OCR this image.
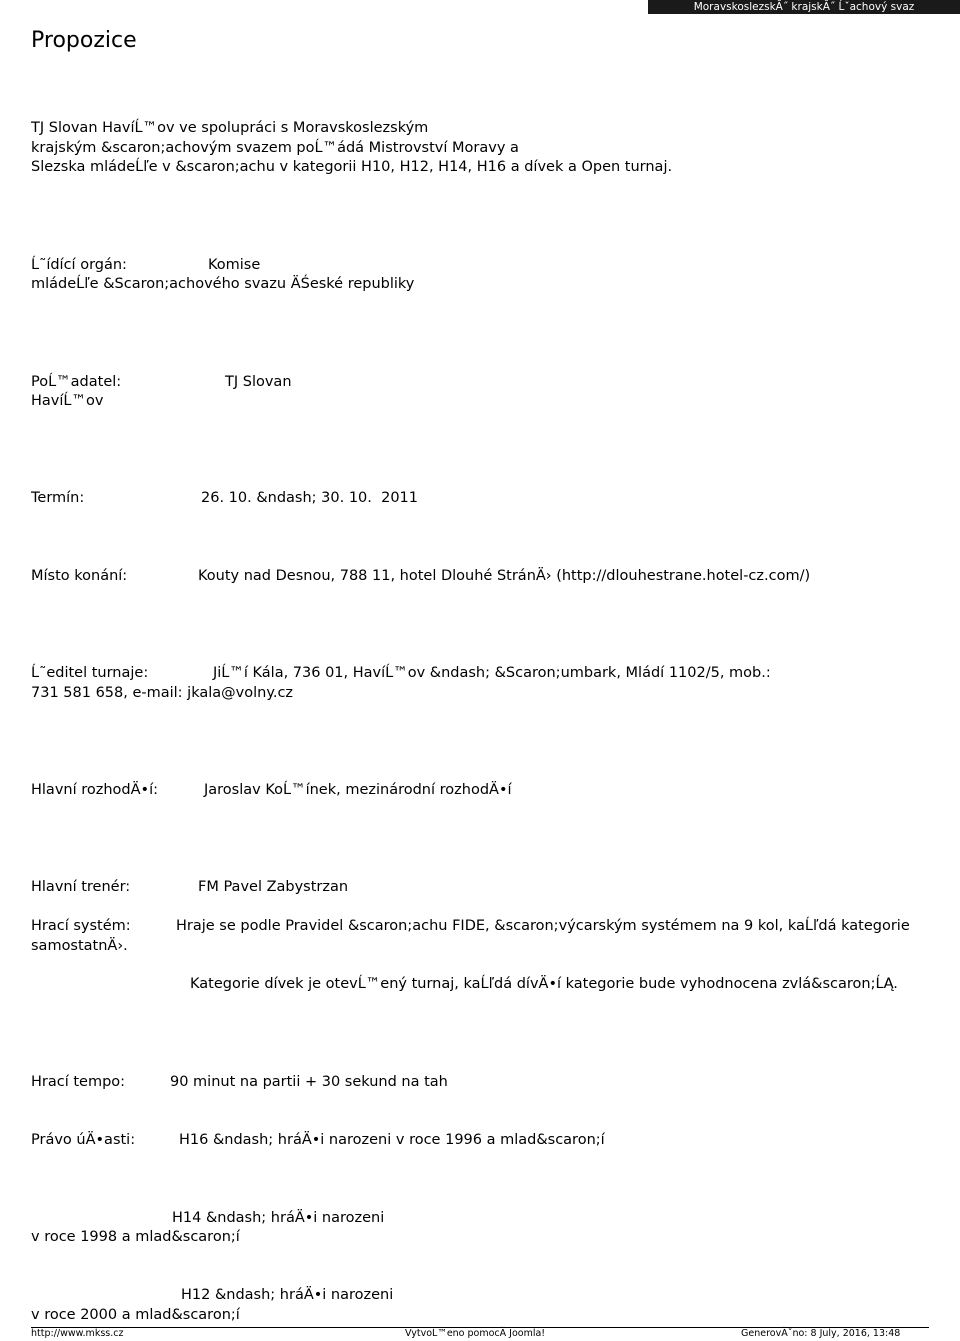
MoravskoslezskĂ˝ krajskĂ˝ Ĺˇachový svaz
Propozice
TJ Slovan HavíĹ™ov ve spolupráci s Moravskoslezským
krajským &scaron;achovým svazem poĹ™ádá Mistrovství Moravy a
Slezska mládeĹľe v &scaron;achu v kategorii H10, H12, H14, H16 a dívek a Open turnaj.
Ĺ˜ídící orgán:	Komise
mládeĹľe &Scaron;achového svazu ÄŚeské republiky
PoĹ™adatel:	TJ Slovan
HavíĹ™ov
Termín:	26. 10. &ndash; 30. 10.  2011
Místo konání:	Kouty nad Desnou, 788 11, hotel Dlouhé StránÄ› (http://dlouhestrane.hotel-cz.com/)
Ĺ˜editel turnaje:	JiĹ™í Kála, 736 01, HavíĹ™ov &ndash; &Scaron;umbark, Mládí 1102/5, mob.:
731 581 658, e-mail: jkala@volny.cz
Hlavní rozhodÄ•í:	Jaroslav KoĹ™ínek, mezinárodní rozhodÄ•í
Hlavní trenér:	FM Pavel Zabystrzan
Hrací systém:	Hraje se podle Pravidel &scaron;achu FIDE, &scaron;výcarským systémem na 9 kol, kaĹľdá kategorie
samostatnÄ›.
Kategorie dívek je otevĹ™ený turnaj, kaĹľdá dívÄ•í kategorie bude vyhodnocena zvlá&scaron;ĹĄ.
Hrací tempo:	90 minut na partii + 30 sekund na tah
Právo úÄ•asti:	H16 &ndash; hráÄ•i narozeni v roce 1996 a mlad&scaron;í
H14 &ndash; hráÄ•i narozeni
v roce 1998 a mlad&scaron;í
H12 &ndash; hráÄ•i narozeni
v roce 2000 a mlad&scaron;í
http://www.mkss.cz	VytvoĹ™eno pomocĂ Joomla!	GenerovĂˇno: 8 July, 2016, 13:48
